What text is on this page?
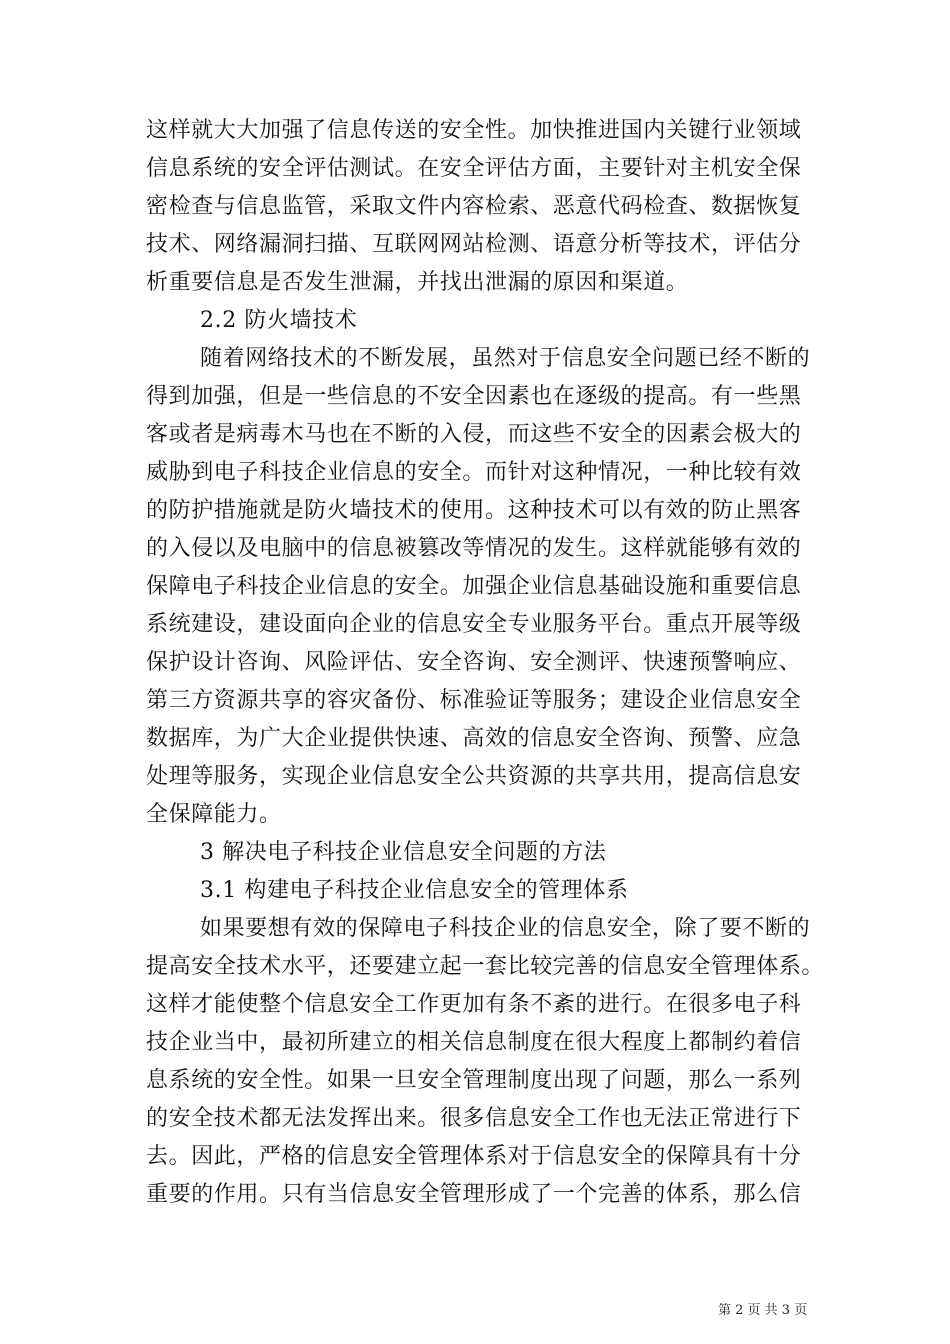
这样就大大加强了信息传送的安全性。加快推进国内关键行业领域
信息系统的安全评估测试。在安全评估方面，主要针对主机安全保
密检查与信息监管，采取文件内容检索、恶意代码检查、数据恢复
技术、网络漏洞扫描、互联网网站检测、语意分析等技术，评估分
析重要信息是否发生泄漏，并找出泄漏的原因和渠道。
2.2 防火墙技术
随着网络技术的不断发展，虽然对于信息安全问题已经不断的
得到加强，但是一些信息的不安全因素也在逐级的提高。有一些黑
客或者是病毒木马也在不断的入侵，而这些不安全的因素会极大的
威胁到电子科技企业信息的安全。而针对这种情况，一种比较有效
的防护措施就是防火墙技术的使用。这种技术可以有效的防止黑客
的入侵以及电脑中的信息被篡改等情况的发生。这样就能够有效的
保障电子科技企业信息的安全。加强企业信息基础设施和重要信息
系统建设，建设面向企业的信息安全专业服务平台。重点开展等级
保护设计咨询、风险评估、安全咨询、安全测评、快速预警响应、
第三方资源共享的容灾备份、标准验证等服务；建设企业信息安全
数据库，为广大企业提供快速、高效的信息安全咨询、预警、应急
处理等服务，实现企业信息安全公共资源的共享共用，提高信息安
全保障能力。
3 解决电子科技企业信息安全问题的方法
3.1 构建电子科技企业信息安全的管理体系
如果要想有效的保障电子科技企业的信息安全，除了要不断的
提高安全技术水平，还要建立起一套比较完善的信息安全管理体系。
这样才能使整个信息安全工作更加有条不紊的进行。在很多电子科
技企业当中，最初所建立的相关信息制度在很大程度上都制约着信
息系统的安全性。如果一旦安全管理制度出现了问题，那么一系列
的安全技术都无法发挥出来。很多信息安全工作也无法正常进行下
去。因此，严格的信息安全管理体系对于信息安全的保障具有十分
重要的作用。只有当信息安全管理形成了一个完善的体系，那么信
第 2 页 共 3 页
